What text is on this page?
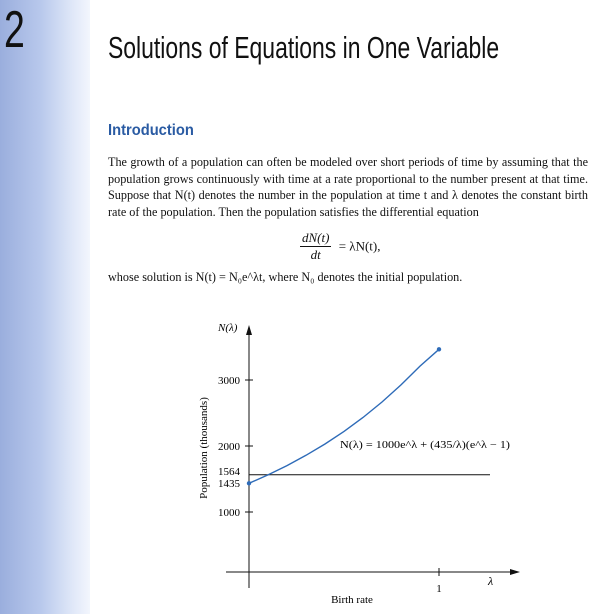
2	Solutions of Equations in One Variable
Introduction
The growth of a population can often be modeled over short periods of time by assuming that the population grows continuously with time at a rate proportional to the number present at that time. Suppose that N(t) denotes the number in the population at time t and λ denotes the constant birth rate of the population. Then the population satisfies the differential equation
$\frac{dN(t)}{dt} = \lambda N(t)$,
whose solution is N(t) = N₀e^λt, where N₀ denotes the initial population.
N(λ)
λ
1000
2000
3000
1564
1435
1
Birth rate
Population (thousands)	N(λ) = 1000e^λ + (435/λ)(e^λ − 1)
